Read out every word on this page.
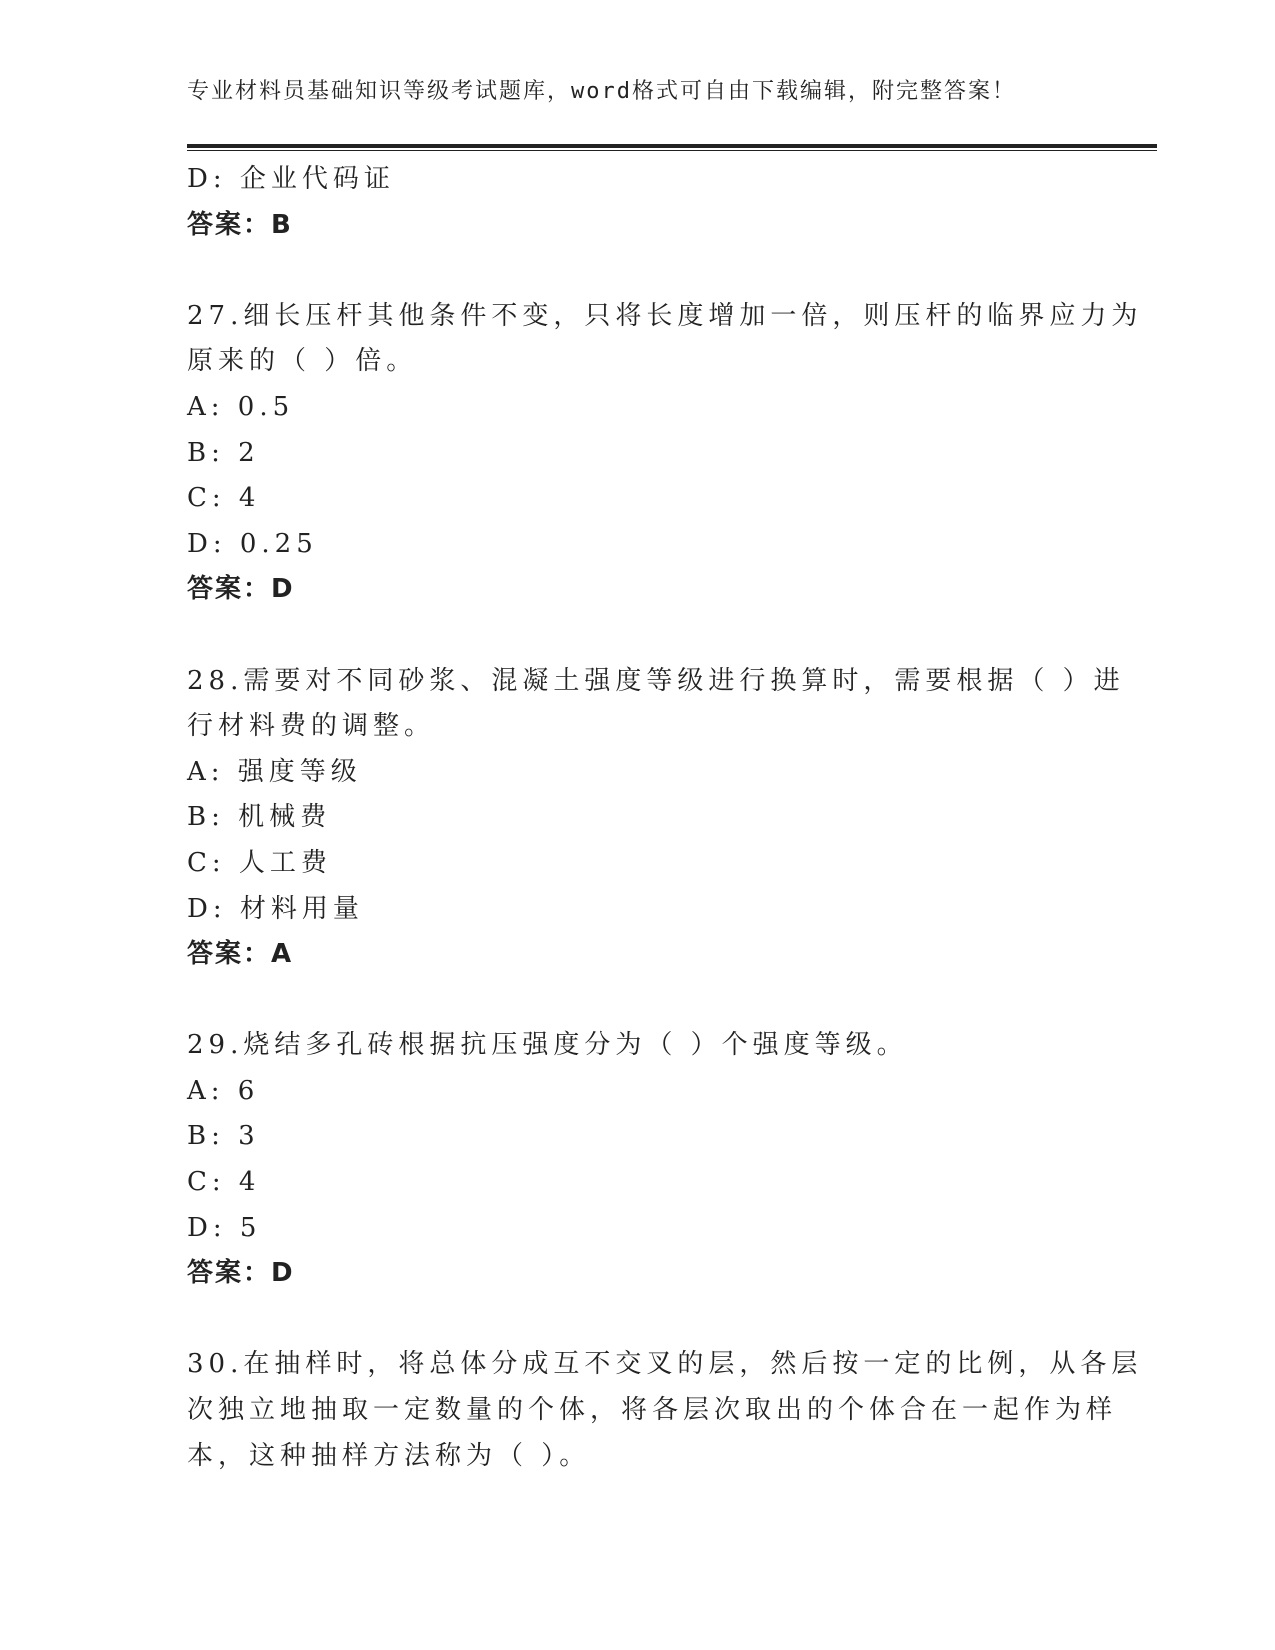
专业材料员基础知识等级考试题库，word格式可自由下载编辑，附完整答案！
D: 企业代码证
答案：B
27.细长压杆其他条件不变，只将长度增加一倍，则压杆的临界应力为
原来的（ ）倍。
A: 0.5
B: 2
C: 4
D: 0.25
答案：D
28.需要对不同砂浆、混凝土强度等级进行换算时，需要根据（ ）进
行材料费的调整。
A: 强度等级
B: 机械费
C: 人工费
D: 材料用量
答案：A
29.烧结多孔砖根据抗压强度分为（ ）个强度等级。
A: 6
B: 3
C: 4
D: 5
答案：D
30.在抽样时，将总体分成互不交叉的层，然后按一定的比例，从各层
次独立地抽取一定数量的个体，将各层次取出的个体合在一起作为样
本，这种抽样方法称为（ ）。
